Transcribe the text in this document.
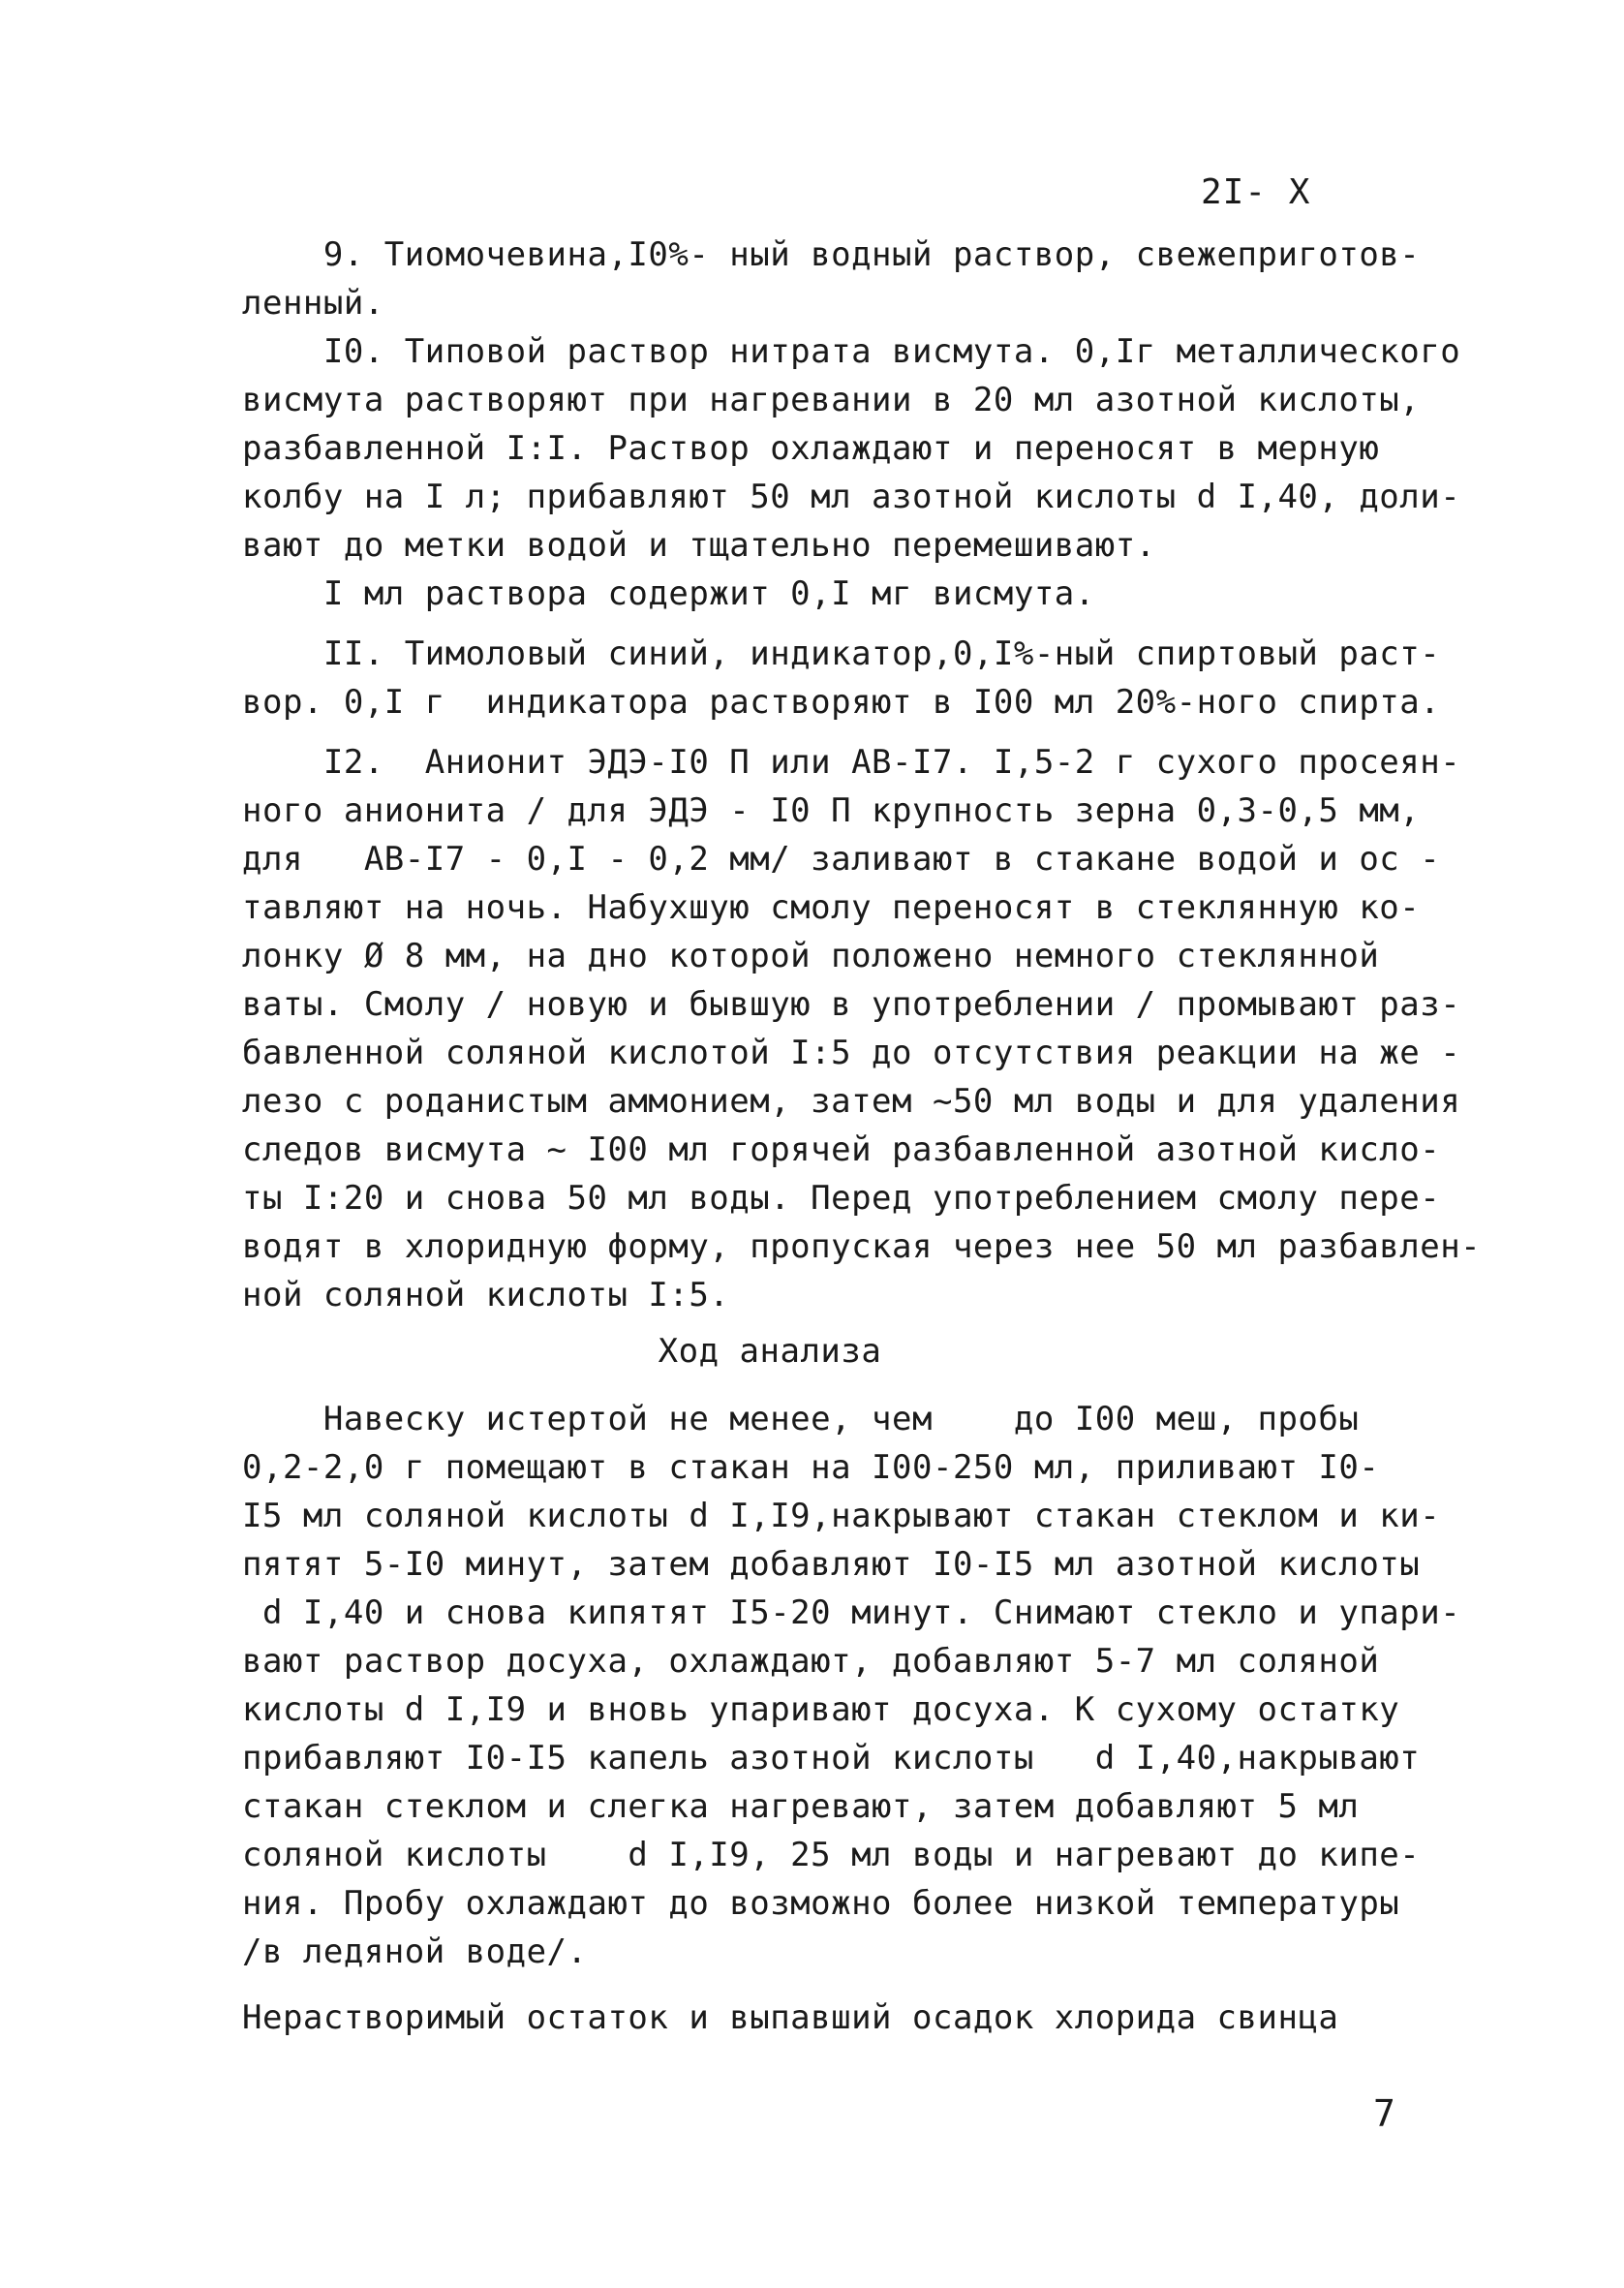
2I- X
9. Тиомочевина,I0%- ный водный раствор, свежеприготов-
ленный.
I0. Типовой раствор нитрата висмута. 0,Iг металлического
висмута растворяют при нагревании в 20 мл азотной кислоты,
разбавленной I:I. Раствор охлаждают и переносят в мерную
колбу на I л; прибавляют 50 мл азотной кислоты d I,40, доли-
вают до метки водой и тщательно перемешивают.
I мл раствора содержит 0,I мг висмута.
II. Тимоловый синий, индикатор,0,I%-ный спиртовый раст-
вор. 0,I г  индикатора растворяют в I00 мл 20%-ного спирта.
I2.  Анионит ЭДЭ-I0 П или АВ-I7. I,5-2 г сухого просеян-
ного анионита / для ЭДЭ - I0 П крупность зерна 0,3-0,5 мм,
для   АВ-I7 - 0,I - 0,2 мм/ заливают в стакане водой и ос -
тавляют на ночь. Набухшую смолу переносят в стеклянную ко-
лонку Ø 8 мм, на дно которой положено немного стеклянной
ваты. Смолу / новую и бывшую в употреблении / промывают раз-
бавленной соляной кислотой I:5 до отсутствия реакции на же -
лезо с роданистым аммонием, затем ~50 мл воды и для удаления
следов висмута ~ I00 мл горячей разбавленной азотной кисло-
ты I:20 и снова 50 мл воды. Перед употреблением смолу пере-
водят в хлоридную форму, пропуская через нее 50 мл разбавлен-
ной соляной кислоты I:5.
Ход анализа
Навеску истертой не менее, чем    до I00 меш, пробы
0,2-2,0 г помещают в стакан на I00-250 мл, приливают I0-
I5 мл соляной кислоты d I,I9,накрывают стакан стеклом и ки-
пятят 5-I0 минут, затем добавляют I0-I5 мл азотной кислоты
d I,40 и снова кипятят I5-20 минут. Снимают стекло и упари-
вают раствор досуха, охлаждают, добавляют 5-7 мл соляной
кислоты d I,I9 и вновь упаривают досуха. К сухому остатку
прибавляют I0-I5 капель азотной кислоты   d I,40,накрывают
стакан стеклом и слегка нагревают, затем добавляют 5 мл
соляной кислоты    d I,I9, 25 мл воды и нагревают до кипе-
ния. Пробу охлаждают до возможно более низкой температуры
/в ледяной воде/.
Нерастворимый остаток и выпавший осадок хлорида свинца
7
